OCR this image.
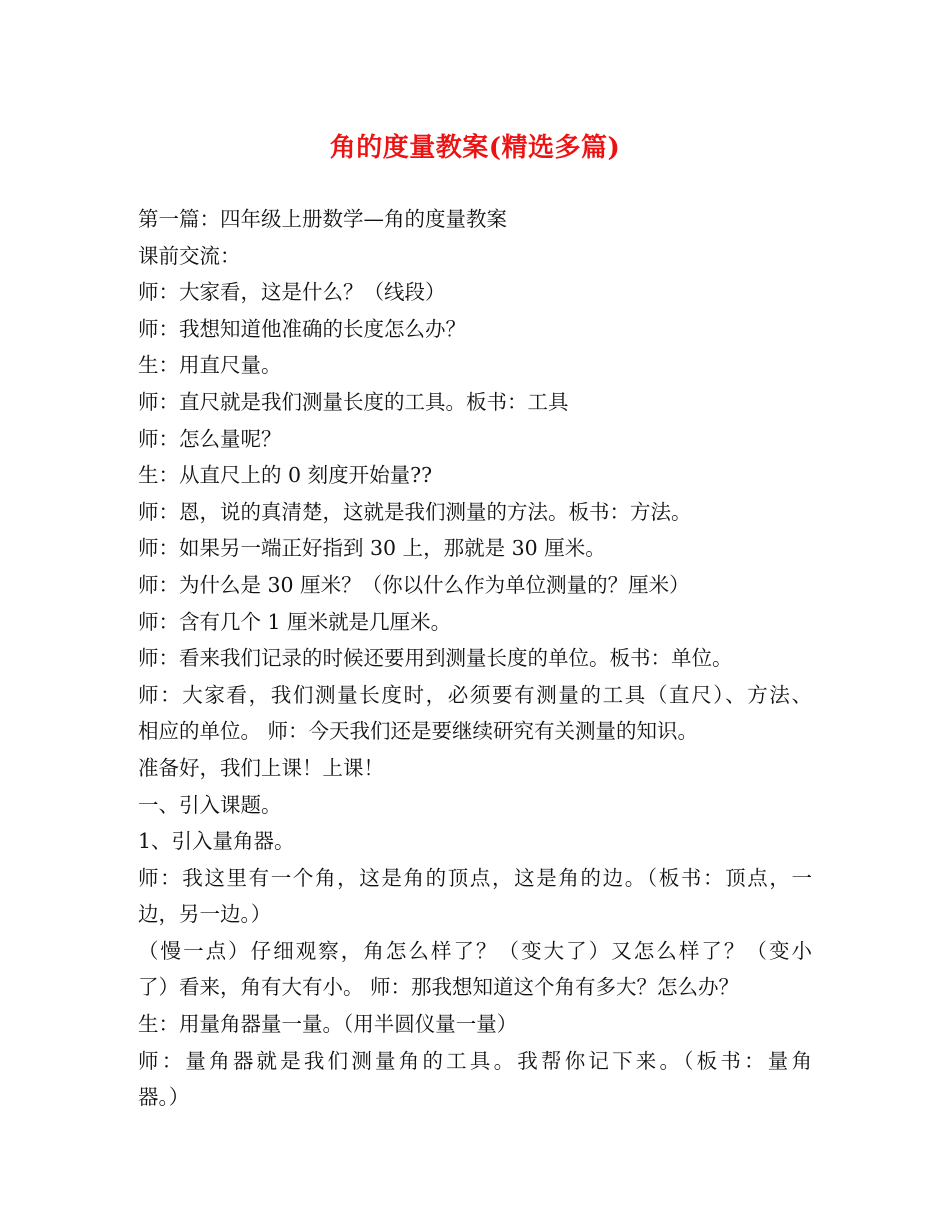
角的度量教案(精选多篇)

第一篇：四年级上册数学—角的度量教案

课前交流：

师：大家看，这是什么？（线段）

师：我想知道他准确的长度怎么办？

生：用直尺量。

师：直尺就是我们测量长度的工具。板书：工具

师：怎么量呢？

生：从直尺上的 0 刻度开始量??

师：恩，说的真清楚，这就是我们测量的方法。板书：方法。

师：如果另一端正好指到 30 上，那就是 30 厘米。

师：为什么是 30 厘米？（你以什么作为单位测量的？厘米）

师：含有几个 1 厘米就是几厘米。

师：看来我们记录的时候还要用到测量长度的单位。板书：单位。

师：大家看，我们测量长度时，必须要有测量的工具（直尺）、方法、

相应的单位。 师：今天我们还是要继续研究有关测量的知识。

准备好，我们上课！上课！

一、引入课题。

1、引入量角器。

师：我这里有一个角，这是角的顶点，这是角的边。（板书：顶点，一

边，另一边。）

（慢一点）仔细观察，角怎么样了？（变大了）又怎么样了？（变小

了）看来，角有大有小。 师：那我想知道这个角有多大？怎么办？

生：用量角器量一量。（用半圆仪量一量）

师：量角器就是我们测量角的工具。我帮你记下来。（板书：量角

器。）
